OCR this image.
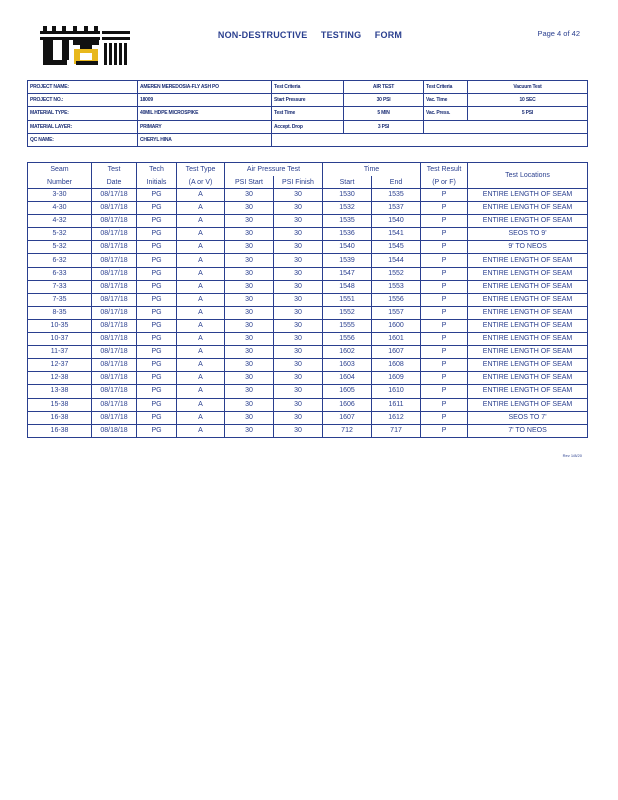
NON-DESTRUCTIVE     TESTING     FORM	Page 4 of 42
PROJECT NAME:	AMEREN MEREDOSIA-FLY ASH PO	Test Criteria	AIR TEST	Test Criteria	Vacuum Test
PROJECT NO.:	18009	Start Pressure	30 PSI	Vac. Time	10 SEC
MATERIAL TYPE:	40MIL HDPE MICROSPIKE	Test Time	5 MIN	Vac. Press.	5 PSI
MATERIAL LAYER:	PRIMARY	Accept. Drop	3 PSI		
QC NAME:	CHERYL HINA				
Seam	Test	Tech	Test Type	Air Pressure Test		Time		Test Result	Test Locations
Number	Date	Initials	(A or V)	PSI Start	PSI Finish	Start	End	(P or F)	
3-30	08/17/18	PG	A	30	30	1530	1535	P	ENTIRE LENGTH OF SEAM
4-30	08/17/18	PG	A	30	30	1532	1537	P	ENTIRE LENGTH OF SEAM
4-32	08/17/18	PG	A	30	30	1535	1540	P	ENTIRE LENGTH OF SEAM
5-32	08/17/18	PG	A	30	30	1536	1541	P	SEOS TO 9'
5-32	08/17/18	PG	A	30	30	1540	1545	P	9' TO NEOS
6-32	08/17/18	PG	A	30	30	1539	1544	P	ENTIRE LENGTH OF SEAM
6-33	08/17/18	PG	A	30	30	1547	1552	P	ENTIRE LENGTH OF SEAM
7-33	08/17/18	PG	A	30	30	1548	1553	P	ENTIRE LENGTH OF SEAM
7-35	08/17/18	PG	A	30	30	1551	1556	P	ENTIRE LENGTH OF SEAM
8-35	08/17/18	PG	A	30	30	1552	1557	P	ENTIRE LENGTH OF SEAM
10-35	08/17/18	PG	A	30	30	1555	1600	P	ENTIRE LENGTH OF SEAM
10-37	08/17/18	PG	A	30	30	1556	1601	P	ENTIRE LENGTH OF SEAM
11-37	08/17/18	PG	A	30	30	1602	1607	P	ENTIRE LENGTH OF SEAM
12-37	08/17/18	PG	A	30	30	1603	1608	P	ENTIRE LENGTH OF SEAM
12-38	08/17/18	PG	A	30	30	1604	1609	P	ENTIRE LENGTH OF SEAM
13-38	08/17/18	PG	A	30	30	1605	1610	P	ENTIRE LENGTH OF SEAM
15-38	08/17/18	PG	A	30	30	1606	1611	P	ENTIRE LENGTH OF SEAM
16-38	08/17/18	PG	A	30	30	1607	1612	P	SEOS TO 7'
16-38	08/18/18	PG	A	30	30	712	717	P	7' TO NEOS
Rev 1/8/20
